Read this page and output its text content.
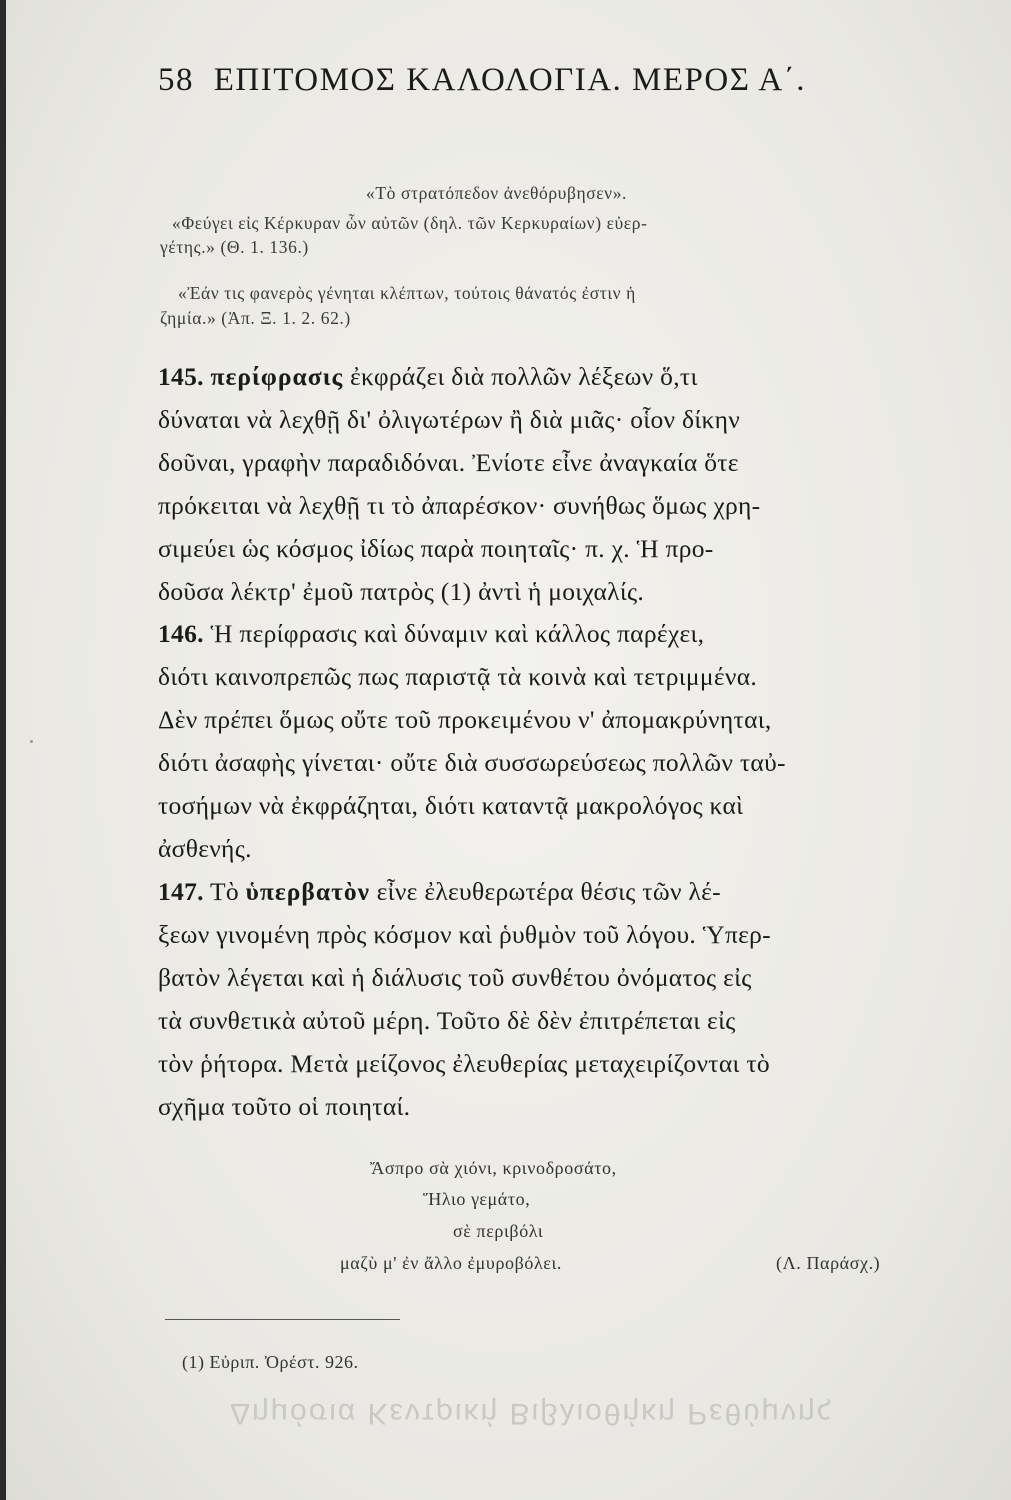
58 ΕΠΙΤΟΜΟΣ ΚΑΛΟΛΟΓΙΑ. ΜΕΡΟΣ Α΄.
«Τὸ στρατόπεδον ἀνεθόρυβησεν».
«Φεύγει εἰς Κέρκυραν ὧν αὐτῶν (δηλ. τῶν Κερκυραίων) εὐερ-
γέτης.» (Θ. 1. 136.)
«Ἐάν τις φανερὸς γένηται κλέπτων, τούτοις θάνατός ἐστιν ἡ
ζημία.» (Ἀπ. Ξ. 1. 2. 62.)
145. περίφρασις ἐκφράζει διὰ πολλῶν λέξεων ὅ,τι
δύναται νὰ λεχθῇ δι' ὀλιγωτέρων ἢ διὰ μιᾶς· οἷον δίκην
δοῦναι, γραφὴν παραδιδόναι. Ἐνίοτε εἶνε ἀναγκαία ὅτε
πρόκειται νὰ λεχθῇ τι τὸ ἀπαρέσκον· συνήθως ὅμως χρη-
σιμεύει ὡς κόσμος ἰδίως παρὰ ποιηταῖς· π. χ. Ἡ προ-
δοῦσα λέκτρ' ἐμοῦ πατρὸς (1) ἀντὶ ἡ μοιχαλίς.
146. Ἡ περίφρασις καὶ δύναμιν καὶ κάλλος παρέχει,
διότι καινοπρεπῶς πως παριστᾷ τὰ κοινὰ καὶ τετριμμένα.
Δὲν πρέπει ὅμως οὔτε τοῦ προκειμένου ν' ἀπομακρύνηται,
διότι ἀσαφὴς γίνεται· οὔτε διὰ συσσωρεύσεως πολλῶν ταὐ-
τοσήμων νὰ ἐκφράζηται, διότι καταντᾷ μακρολόγος καὶ
ἀσθενής.
147. Τὸ ὑπερβατὸν εἶνε ἐλευθερωτέρα θέσις τῶν λέ-
ξεων γινομένη πρὸς κόσμον καὶ ῥυθμὸν τοῦ λόγου. Ὑπερ-
βατὸν λέγεται καὶ ἡ διάλυσις τοῦ συνθέτου ὀνόματος εἰς
τὰ συνθετικὰ αὐτοῦ μέρη. Τοῦτο δὲ δὲν ἐπιτρέπεται εἰς
τὸν ῥήτορα. Μετὰ μείζονος ἐλευθερίας μεταχειρίζονται τὸ
σχῆμα τοῦτο οἱ ποιηταί.
Ἄσπρο σὰ χιόνι, κρινοδροσάτο,
Ἥλιο γεμάτο,
σὲ περιβόλι
μαζὺ μ' ἐν ἄλλο ἐμυροβόλει.	(Λ. Παράσχ.)
(1) Εὐριπ. Ὀρέστ. 926.
Δημόσια Κεντρική Βιβλιοθήκη Ρεθύμνης
